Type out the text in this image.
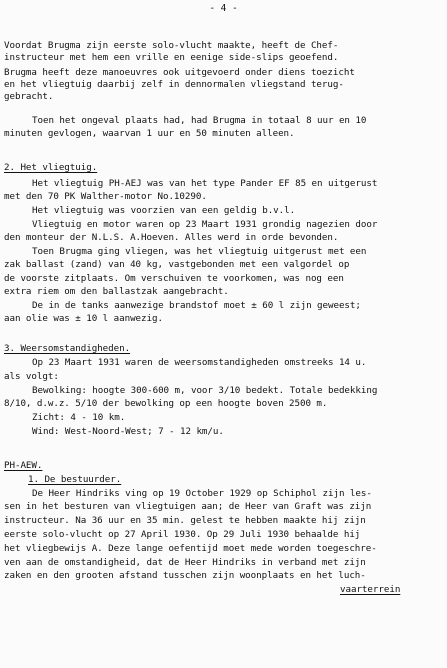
- 4 -
Voordat Brugma zijn eerste solo-vlucht maakte, heeft de Chef-
instructeur met hem een vrille en eenige side-slips geoefend.
Brugma heeft deze manoeuvres ook uitgevoerd onder diens toezicht
en het vliegtuig daarbij zelf in dennormalen vliegstand terug-
gebracht.
Toen het ongeval plaats had, had Brugma in totaal 8 uur en 10
minuten gevlogen, waarvan 1 uur en 50 minuten alleen.
2. Het vliegtuig.
Het vliegtuig PH-AEJ was van het type Pander EF 85 en uitgerust
met den 70 PK Walther-motor No.10290.
Het vliegtuig was voorzien van een geldig b.v.l.
Vliegtuig en motor waren op 23 Maart 1931 grondig nagezien door
den monteur der N.L.S. A.Hoeven. Alles werd in orde bevonden.
Toen Brugma ging vliegen, was het vliegtuig uitgerust met een
zak ballast (zand) van 40 kg, vastgebonden met een valgordel op
de voorste zitplaats. Om verschuiven te voorkomen, was nog een
extra riem om den ballastzak aangebracht.
De in de tanks aanwezige brandstof moet ± 60 l zijn geweest;
aan olie was ± 10 l aanwezig.
3. Weersomstandigheden.
Op 23 Maart 1931 waren de weersomstandigheden omstreeks 14 u.
als volgt:
Bewolking: hoogte 300-600 m, voor 3/10 bedekt. Totale bedekking
8/10, d.w.z. 5/10 der bewolking op een hoogte boven 2500 m.
Zicht: 4 - 10 km.
Wind: West-Noord-West; 7 - 12 km/u.
PH-AEW.
1. De bestuurder.
De Heer Hindriks ving op 19 October 1929 op Schiphol zijn les-
sen in het besturen van vliegtuigen aan; de Heer van Graft was zijn
instructeur. Na 36 uur en 35 min. gelest te hebben maakte hij zijn
eerste solo-vlucht op 27 April 1930. Op 29 Juli 1930 behaalde hij
het vliegbewijs A. Deze lange oefentijd moet mede worden toegeschre-
ven aan de omstandigheid, dat de Heer Hindriks in verband met zijn
zaken en den grooten afstand tusschen zijn woonplaats en het luch-
vaarterrein
